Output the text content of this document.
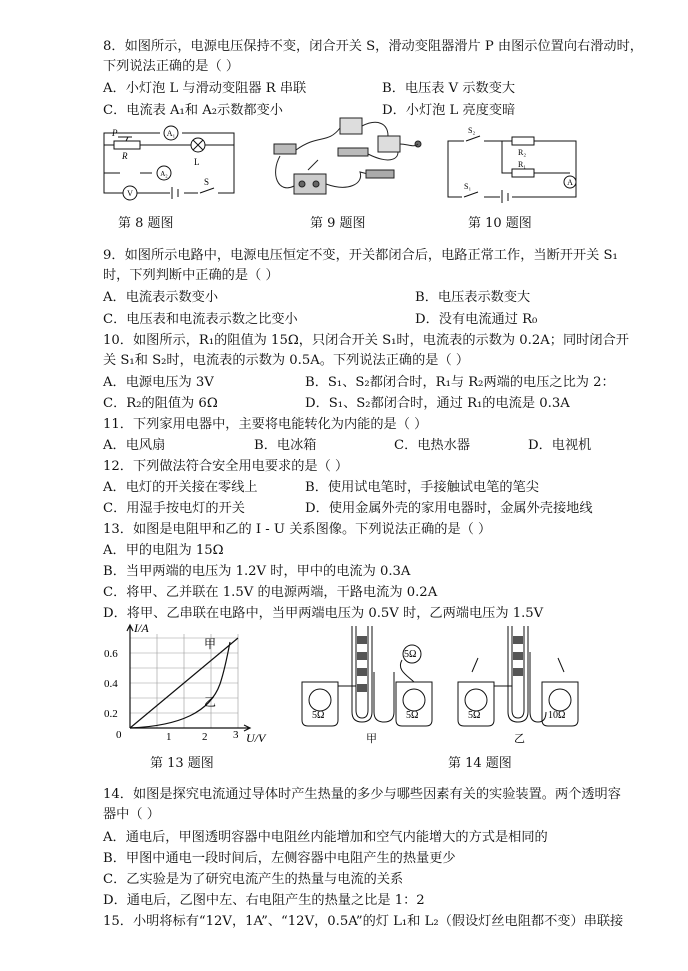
8．如图所示，电源电压保持不变，闭合开关 S，滑动变阻器滑片 P 由图示位置向右滑动时，
下列说法正确的是（ ）
A．小灯泡 L 与滑动变阻器 R 串联	B．电压表 V 示数变大
C．电流表 A₁和 A₂示数都变小	D．小灯泡 L 亮度变暗
A₁
P
R
L
A₂
V
S
S₂
R₂
R₁
A
S₁
第 8 题图	第 9 题图	第 10 题图
9．如图所示电路中，电源电压恒定不变，开关都闭合后，电路正常工作，当断开开关 S₁
时，下列判断中正确的是（ ）
A．电流表示数变小	B．电压表示数变大
C．电压表和电流表示数之比变小	D．没有电流通过 R₀
10．如图所示，R₁的阻值为 15Ω，只闭合开关 S₁时，电流表的示数为 0.2A；同时闭合开
关 S₁和 S₂时，电流表的示数为 0.5A。下列说法正确的是（ ）
A．电源电压为 3V	B．S₁、S₂都闭合时，R₁与 R₂两端的电压之比为 2：
C．R₂的阻值为 6Ω	D．S₁、S₂都闭合时，通过 R₁的电流是 0.3A
11．下列家用电器中，主要将电能转化为内能的是（ ）
A．电风扇	B．电冰箱	C．电热水器	D．电视机
12．下列做法符合安全用电要求的是（ ）
A．电灯的开关接在零线上	B．使用试电笔时，手接触试电笔的笔尖
C．用湿手按电灯的开关	D．使用金属外壳的家用电器时，金属外壳接地线
13．如图是电阻甲和乙的 I - U 关系图像。下列说法正确的是（ ）
A．甲的电阻为 15Ω
B．当甲两端的电压为 1.2V 时，甲中的电流为 0.3A
C．将甲、乙并联在 1.5V 的电源两端，干路电流为 0.2A
D．将甲、乙串联在电路中，当甲两端电压为 0.5V 时，乙两端电压为 1.5V
I/A
U/V
0.6
0.4
0.2
0	1	2 3
甲
乙
5Ω	5Ω
5Ω
甲
5Ω	10Ω
乙
第 13 题图	第 14 题图
14．如图是探究电流通过导体时产生热量的多少与哪些因素有关的实验装置。两个透明容
器中（ ）
A．通电后，甲图透明容器中电阻丝内能增加和空气内能增大的方式是相同的
B．甲图中通电一段时间后，左侧容器中电阻产生的热量更少
C．乙实验是为了研究电流产生的热量与电流的关系
D．通电后，乙图中左、右电阻产生的热量之比是 1：2
15．小明将标有“12V，1A”、“12V，0.5A”的灯 L₁和 L₂（假设灯丝电阻都不变）串联接
